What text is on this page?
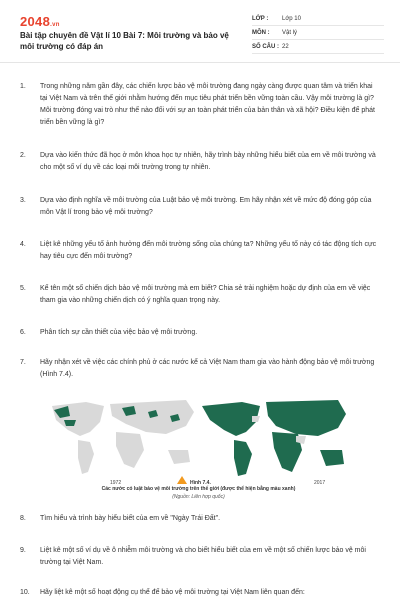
2048.vn
Bài tập chuyên đề Vật lí 10 Bài 7: Môi trường và bảo vệ môi trường có đáp án
LỚP :	Lớp 10
MÔN :	Vật lý
SỐ CÂU : 22
1.	Trong những năm gần đây, các chiến lược bảo vệ môi trường đang ngày càng được quan tâm và triển khai tại Việt Nam và trên thế giới nhằm hướng đến mục tiêu phát triển bền vững toàn cầu. Vậy môi trường là gì? Môi trường đóng vai trò như thế nào đối với sự an toàn phát triển của bản thân và xã hội? Điều kiện để phát triển bền vững là gì?
2.	Dựa vào kiến thức đã học ở môn khoa học tự nhiên, hãy trình bày những hiểu biết của em về môi trường và cho một số ví dụ về các loại môi trường trong tự nhiên.
3.	Dựa vào định nghĩa về môi trường của Luật bảo vệ môi trường. Em hãy nhận xét về mức độ đóng góp của môn Vật lí trong bảo vệ môi trường?
4.	Liệt kê những yếu tố ảnh hưởng đến môi trường sống của chúng ta? Những yếu tố này có tác động tích cực hay tiêu cực đến môi trường?
5.	Kể tên một số chiến dịch bảo vệ môi trường mà em biết? Chia sẻ trải nghiệm hoặc dự định của em về việc tham gia vào những chiến dịch có ý nghĩa quan trọng này.
6.	Phân tích sự cần thiết của việc bảo vệ môi trường.
7.	Hãy nhận xét về việc các chính phủ ở các nước kể cả Việt Nam tham gia vào hành động bảo vệ môi trường (Hình 7.4).
1972	Hình 7.4.	2017
Các nước có luật bảo vệ môi trường trên thế giới (được thể hiện bằng màu xanh)
(Nguồn: Liên hợp quốc)
8.	Tìm hiểu và trình bày hiểu biết của em về "Ngày Trái Đất".
9.	Liệt kê một số ví dụ về ô nhiễm môi trường và cho biết hiểu biết của em về một số chiến lược bảo vệ môi trường tại Việt Nam.
10.	Hãy liệt kê một số hoạt động cụ thể để bảo vệ môi trường tại Việt Nam liên quan đến:
